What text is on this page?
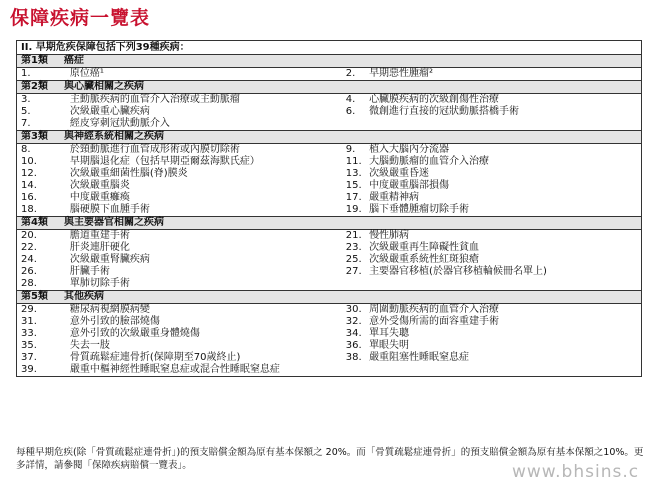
保障疾病一覽表
II. 早期危疾保障包括下列39種疾病：			
第1類 癌症			
1.	原位癌¹	2.	早期惡性腫瘤²
第2類 與心臟相關之疾病			
3.	主動脈疾病的血管介入治療或主動脈瘤	4.	心臟膜疾病的次級創傷性治療
5.	次級嚴重心臟疾病	6.	微創進行直接的冠狀動脈搭橋手術
7.	經皮穿刺冠狀動脈介入		
第3類 與神經系統相關之疾病			
8.	於頸動脈進行血管成形術或內膜切除術	9.	植入大腦內分流器
10.	早期腦退化症（包括早期亞爾茲海默氏症）	11.	大腦動脈瘤的血管介入治療
12.	次級嚴重細菌性腦(脊)膜炎	13.	次級嚴重昏迷
14.	次級嚴重腦炎	15.	中度嚴重腦部損傷
16.	中度嚴重癱瘓	17.	嚴重精神病
18.	腦硬膜下血腫手術	19.	腦下垂體腫瘤切除手術
第4類 與主要器官相關之疾病			
20.	膽道重建手術	21.	慢性肺病
22.	肝炎連肝硬化	23.	次級嚴重再生障礙性貧血
24.	次級嚴重腎臟疾病	25.	次級嚴重系統性紅斑狼瘡
26.	肝臟手術	27.	主要器官移植(於器官移植輪候冊名單上)
28.	單肺切除手術		
第5類 其他疾病			
29.	糖尿病視網膜病變	30.	周圍動脈疾病的血管介入治療
31.	意外引致的臉部燒傷	32.	意外受傷所需的面容重建手術
33.	意外引致的次級嚴重身體燒傷	34.	單耳失聰
35.	失去一肢	36.	單眼失明
37.	骨質疏鬆症連骨折(保障期至70歲終止)	38.	嚴重阻塞性睡眠窒息症
39.	嚴重中樞神經性睡眠窒息症或混合性睡眠窒息症		
每種早期危疾(除「骨質疏鬆症連骨折」)的預支賠償金額為原有基本保額之 20%。而「骨質疏鬆症連骨折」的預支賠償金額為原有基本保額之10%。更多詳情，請參閱「保障疾病賠償一覽表」。	www.bhsins.c
